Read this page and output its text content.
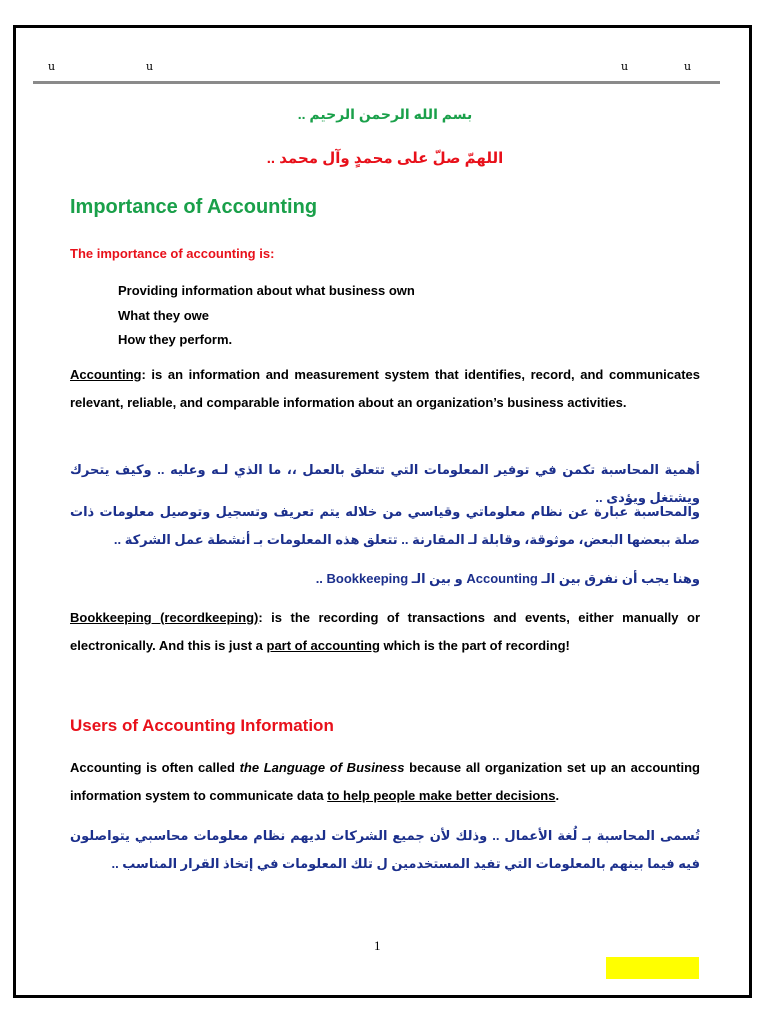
u	u	u	u
بسم الله الرحمن الرحيم ..
اللهمّ صلّ على محمدٍ وآل محمد ..
Importance of Accounting
The importance of accounting is:
Providing information about what business own
What they owe
How they perform.

Accounting: is an information and measurement system that identifies, record, and communicates relevant, reliable, and comparable information about an organization’s business activities.

أهمية المحاسبة تكمن في توفير المعلومات التي تتعلق بالعمل ،، ما الذي لـه وعليه .. وكيف يتحرك ويشتغل ويؤدى ..

والمحاسبة عبارة عن نظام معلوماتي وقياسي من خلاله يتم تعريف وتسجيل وتوصيل معلومات ذات صلة ببعضها البعض، موثوقة، وقابلة لـ المقارنة .. تتعلق هذه المعلومات بـ أنشطة عمل الشركة ..

وهنا يجب أن نفرق بين الـ Accounting و بين الـ Bookkeeping ..

Bookkeeping (recordkeeping): is the recording of transactions and events, either manually or electronically. And this is just a part of accounting which is the part of recording!

Users of Accounting Information

Accounting is often called the Language of Business because all organization set up an accounting information system to communicate data to help people make better decisions.

تُسمى المحاسبة بـ لُغة الأعمال .. وذلك لأن جميع الشركات لديهم نظام معلومات محاسبي يتواصلون فيه فيما بينهم بالمعلومات التي تفيد المستخدمين ل تلك المعلومات في إتخاذ القرار المناسب ..

1
